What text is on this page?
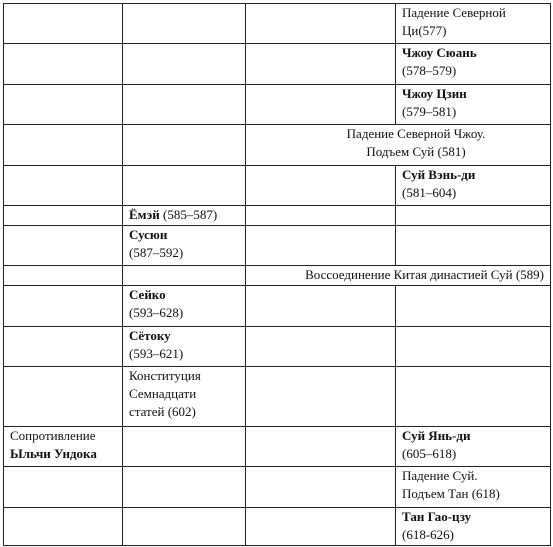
			Падение Северной
Ци(577)

			Чжоу Сюань
(578–579)

			Чжоу Цзин
(579–581)

		Падение Северной Чжоу.
Подъем Суй (581)	

			Суй Вэнь-ди
(581–604)

	Ёмэй (585–587)		

	Сусюн
(587–592)		

		Воссоединение Китая династией Суй (589)	

	Сейко
(593–628)		

	Сётоку
(593–621)		

	Конституция
Семнадцати
статей (602)		

Сопротивление
Ыльчи Ундока			Суй Янь-ди
(605–618)

			Падение Суй.
Подъем Тан (618)

			Тан Гао-цзу
(618-626)
